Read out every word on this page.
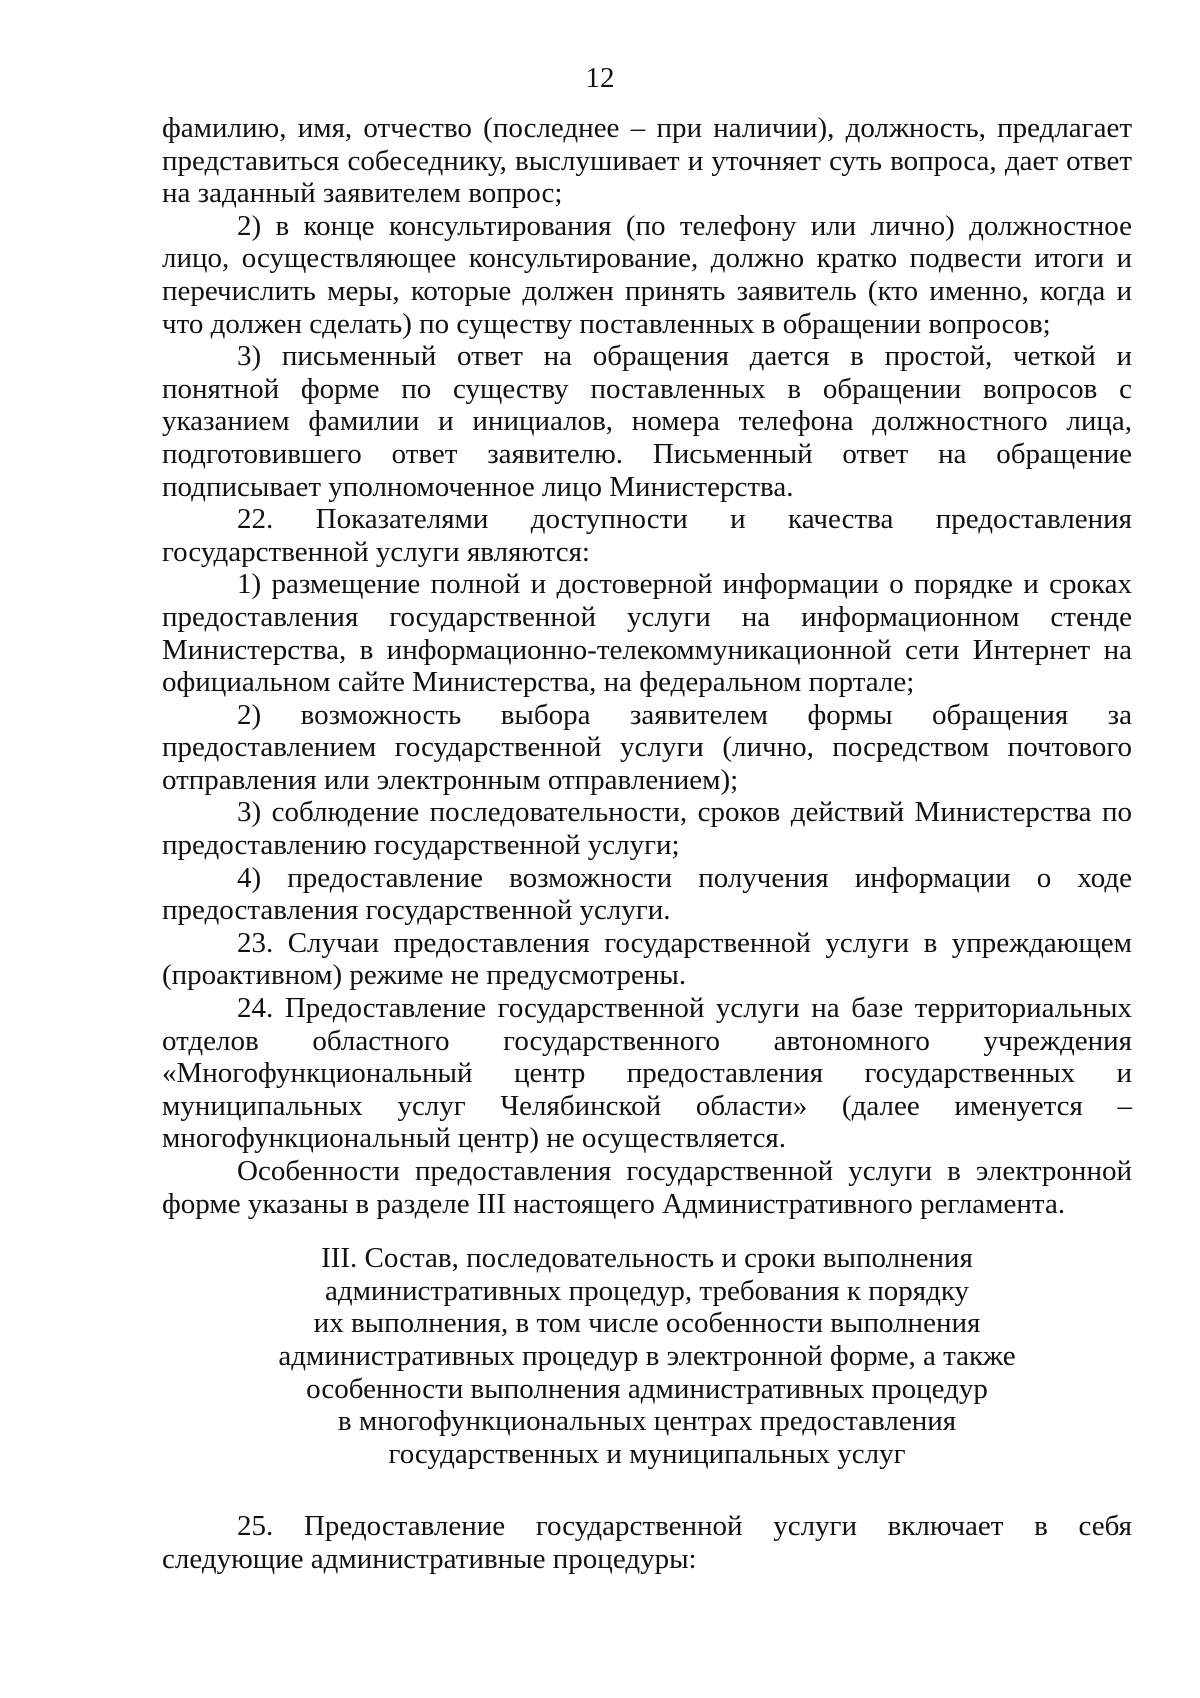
12

фамилию, имя, отчество (последнее – при наличии), должность, предлагает представиться собеседнику, выслушивает и уточняет суть вопроса, дает ответ на заданный заявителем вопрос;

2) в конце консультирования (по телефону или лично) должностное лицо, осуществляющее консультирование, должно кратко подвести итоги и перечислить меры, которые должен принять заявитель (кто именно, когда и что должен сделать) по существу поставленных в обращении вопросов;

3) письменный ответ на обращения дается в простой, четкой и понятной форме по существу поставленных в обращении вопросов с указанием фамилии и инициалов, номера телефона должностного лица, подготовившего ответ заявителю. Письменный ответ на обращение подписывает уполномоченное лицо Министерства.

22. Показателями доступности и качества предоставления государственной услуги являются:

1) размещение полной и достоверной информации о порядке и сроках предоставления государственной услуги на информационном стенде Министерства, в информационно-телекоммуникационной сети Интернет на официальном сайте Министерства, на федеральном портале;

2) возможность выбора заявителем формы обращения за предоставлением государственной услуги (лично, посредством почтового отправления или электронным отправлением);

3) соблюдение последовательности, сроков действий Министерства по предоставлению государственной услуги;

4) предоставление возможности получения информации о ходе предоставления государственной услуги.

23. Случаи предоставления государственной услуги в упреждающем (проактивном) режиме не предусмотрены.

24. Предоставление государственной услуги на базе территориальных отделов областного государственного автономного учреждения «Многофункциональный центр предоставления государственных и муниципальных услуг Челябинской области» (далее именуется – многофункциональный центр) не осуществляется.

Особенности предоставления государственной услуги в электронной форме указаны в разделе III настоящего Административного регламента.

III. Состав, последовательность и сроки выполнения
административных процедур, требования к порядку
их выполнения, в том числе особенности выполнения
административных процедур в электронной форме, а также
особенности выполнения административных процедур
в многофункциональных центрах предоставления
государственных и муниципальных услуг

25. Предоставление государственной услуги включает в себя следующие административные процедуры:
